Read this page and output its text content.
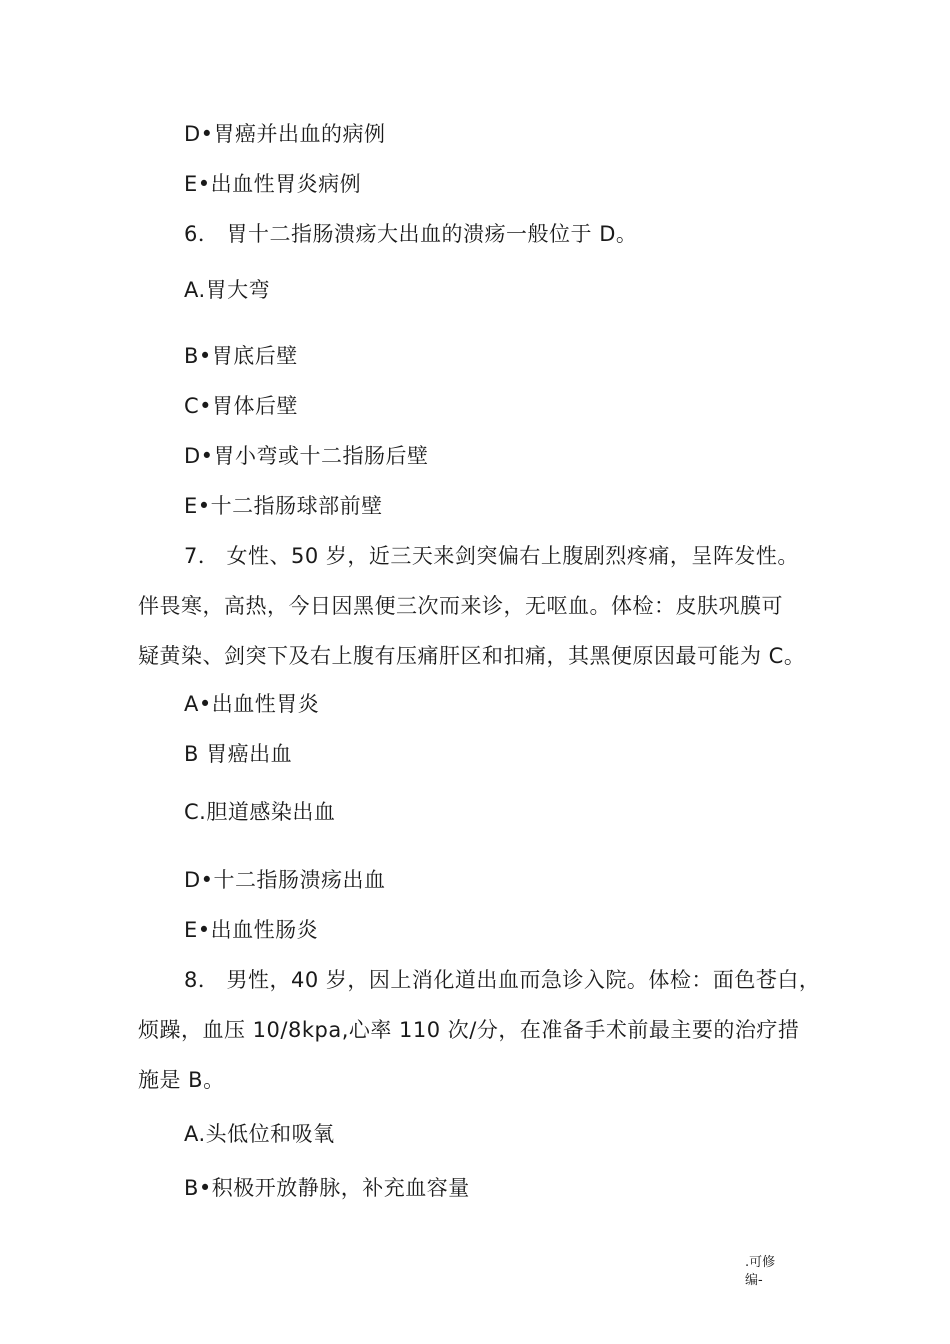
D•胃癌并出血的病例
E•出血性胃炎病例
6． 胃十二指肠溃疡大出血的溃疡一般位于 D。
A.胃大弯
B•胃底后壁
C•胃体后壁
D•胃小弯或十二指肠后壁
E•十二指肠球部前壁
7． 女性、50 岁，近三天来剑突偏右上腹剧烈疼痛，呈阵发性。
伴畏寒，高热，今日因黑便三次而来诊，无呕血。体检：皮肤巩膜可
疑黄染、剑突下及右上腹有压痛肝区和扣痛，其黑便原因最可能为 C。
A•出血性胃炎
B 胃癌出血
C.胆道感染出血
D•十二指肠溃疡出血
E•出血性肠炎
8． 男性，40 岁，因上消化道出血而急诊入院。体检：面色苍白，
烦躁，血压 10/8kpa,心率 110 次/分，在准备手术前最主要的治疗措
施是 B。
A.头低位和吸氧
B•积极开放静脉，补充血容量
.可修
编-
